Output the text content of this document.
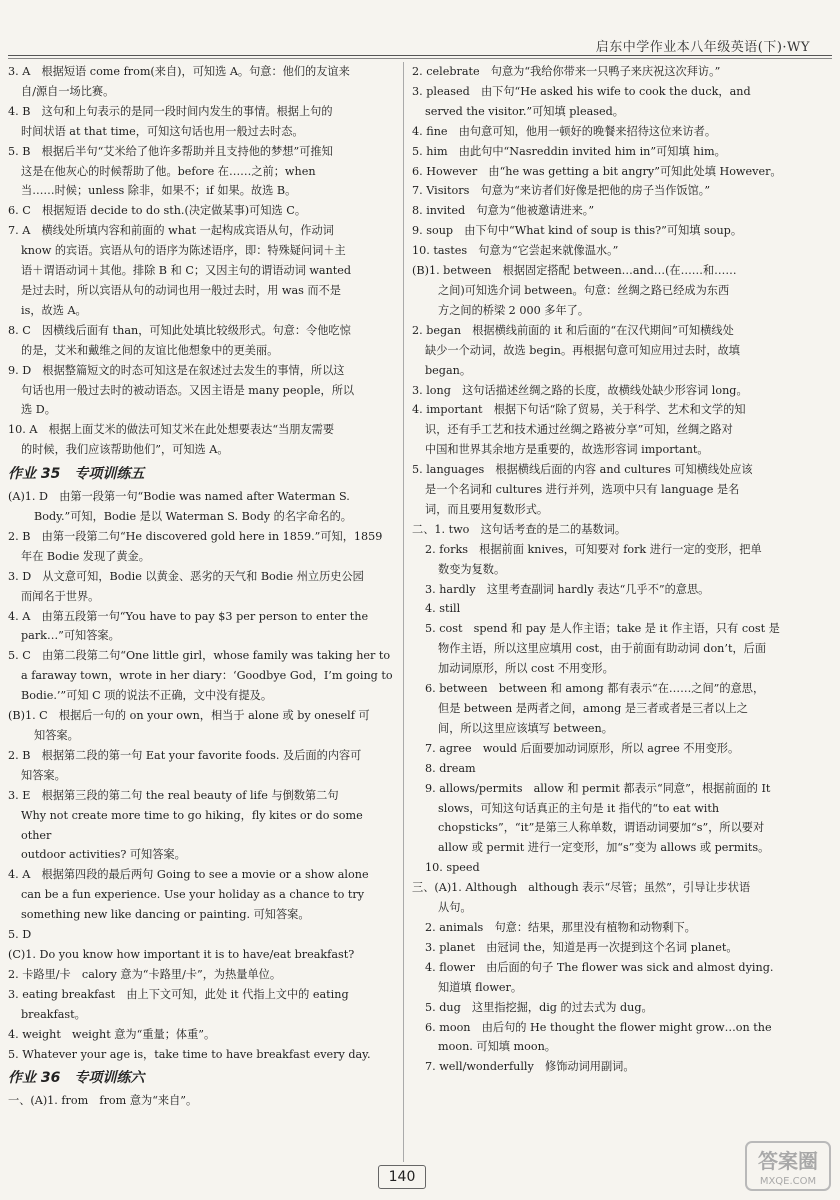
启东中学作业本八年级英语(下)·WY

3. A　根据短语 come from(来自)，可知选 A。句意：他们的友谊来

自/源自一场比赛。

4. B　这句和上句表示的是同一段时间内发生的事情。根据上句的

时间状语 at that time，可知这句话也用一般过去时态。

5. B　根据后半句“艾米给了他许多帮助并且支持他的梦想”可推知

这是在他灰心的时候帮助了他。before 在……之前；when

当……时候；unless 除非，如果不；if 如果。故选 B。

6. C　根据短语 decide to do sth.(决定做某事)可知选 C。

7. A　横线处所填内容和前面的 what 一起构成宾语从句，作动词

know 的宾语。宾语从句的语序为陈述语序，即：特殊疑问词＋主

语＋谓语动词＋其他。排除 B 和 C；又因主句的谓语动词 wanted

是过去时，所以宾语从句的动词也用一般过去时，用 was 而不是

is，故选 A。

8. C　因横线后面有 than，可知此处填比较级形式。句意：令他吃惊

的是，艾米和戴维之间的友谊比他想象中的更美丽。

9. D　根据整篇短文的时态可知这是在叙述过去发生的事情，所以这

句话也用一般过去时的被动语态。又因主语是 many people，所以

选 D。

10. A　根据上面艾米的做法可知艾米在此处想要表达“当朋友需要

的时候，我们应该帮助他们”，可知选 A。

作业 35　专项训练五

(A)1. D　由第一段第一句“Bodie was named after Waterman S.

Body.”可知，Bodie 是以 Waterman S. Body 的名字命名的。

2. B　由第一段第二句“He discovered gold here in 1859.”可知，1859

年在 Bodie 发现了黄金。

3. D　从文意可知，Bodie 以黄金、恶劣的天气和 Bodie 州立历史公园

而闻名于世界。

4. A　由第五段第一句“You have to pay $3 per person to enter the

park…”可知答案。

5. C　由第二段第二句“One little girl，whose family was taking her to

a faraway town，wrote in her diary：‘Goodbye God，I’m going to

Bodie.’”可知 C 项的说法不正确，文中没有提及。

(B)1. C　根据后一句的 on your own，相当于 alone 或 by oneself 可

知答案。

2. B　根据第二段的第一句 Eat your favorite foods. 及后面的内容可

知答案。

3. E　根据第三段的第二句 the real beauty of life 与倒数第二句

Why not create more time to go hiking，fly kites or do some other

outdoor activities? 可知答案。

4. A　根据第四段的最后两句 Going to see a movie or a show alone

can be a fun experience. Use your holiday as a chance to try

something new like dancing or painting. 可知答案。

5. D

(C)1. Do you know how important it is to have/eat breakfast?

2. 卡路里/卡　calory 意为“卡路里/卡”，为热量单位。

3. eating breakfast　由上下文可知，此处 it 代指上文中的 eating

breakfast。

4. weight　weight 意为“重量；体重”。

5. Whatever your age is，take time to have breakfast every day.

作业 36　专项训练六

一、(A)1. from　from 意为“来自”。

2. celebrate　句意为“我给你带来一只鸭子来庆祝这次拜访。”

3. pleased　由下句“He asked his wife to cook the duck，and

served the visitor.”可知填 pleased。

4. fine　由句意可知，他用一顿好的晚餐来招待这位来访者。

5. him　由此句中“Nasreddin invited him in”可知填 him。

6. However　由“he was getting a bit angry”可知此处填 However。

7. Visitors　句意为“来访者们好像是把他的房子当作饭馆。”

8. invited　句意为“他被邀请进来。”

9. soup　由下句中“What kind of soup is this?”可知填 soup。

10. tastes　句意为“它尝起来就像温水。”

(B)1. between　根据固定搭配 between…and…(在……和……

之间)可知选介词 between。句意：丝绸之路已经成为东西

方之间的桥梁 2 000 多年了。

2. began　根据横线前面的 it 和后面的“在汉代期间”可知横线处

缺少一个动词，故选 begin。再根据句意可知应用过去时，故填

began。

3. long　这句话描述丝绸之路的长度，故横线处缺少形容词 long。

4. important　根据下句话“除了贸易，关于科学、艺术和文学的知

识，还有手工艺和技术通过丝绸之路被分享”可知，丝绸之路对

中国和世界其余地方是重要的，故选形容词 important。

5. languages　根据横线后面的内容 and cultures 可知横线处应该

是一个名词和 cultures 进行并列，选项中只有 language 是名

词，而且要用复数形式。

二、1. two　这句话考查的是二的基数词。

2. forks　根据前面 knives，可知要对 fork 进行一定的变形，把单

数变为复数。

3. hardly　这里考查副词 hardly 表达“几乎不”的意思。

4. still

5. cost　spend 和 pay 是人作主语；take 是 it 作主语，只有 cost 是

物作主语，所以这里应填用 cost，由于前面有助动词 don’t，后面

加动词原形，所以 cost 不用变形。

6. between　between 和 among 都有表示“在……之间”的意思，

但是 between 是两者之间，among 是三者或者是三者以上之

间，所以这里应该填写 between。

7. agree　would 后面要加动词原形，所以 agree 不用变形。

8. dream

9. allows/permits　allow 和 permit 都表示“同意”，根据前面的 It

slows，可知这句话真正的主句是 it 指代的“to eat with

chopsticks”，“it”是第三人称单数，谓语动词要加“s”，所以要对

allow 或 permit 进行一定变形，加“s”变为 allows 或 permits。

10. speed

三、(A)1. Although　although 表示“尽管；虽然”，引导让步状语

从句。

2. animals　句意：结果，那里没有植物和动物剩下。

3. planet　由冠词 the，知道是再一次提到这个名词 planet。

4. flower　由后面的句子 The flower was sick and almost dying.

知道填 flower。

5. dug　这里指挖掘，dig 的过去式为 dug。

6. moon　由后句的 He thought the flower might grow…on the

moon. 可知填 moon。

7. well/wonderfully　修饰动词用副词。

140
答案圈
MXQE.COM
